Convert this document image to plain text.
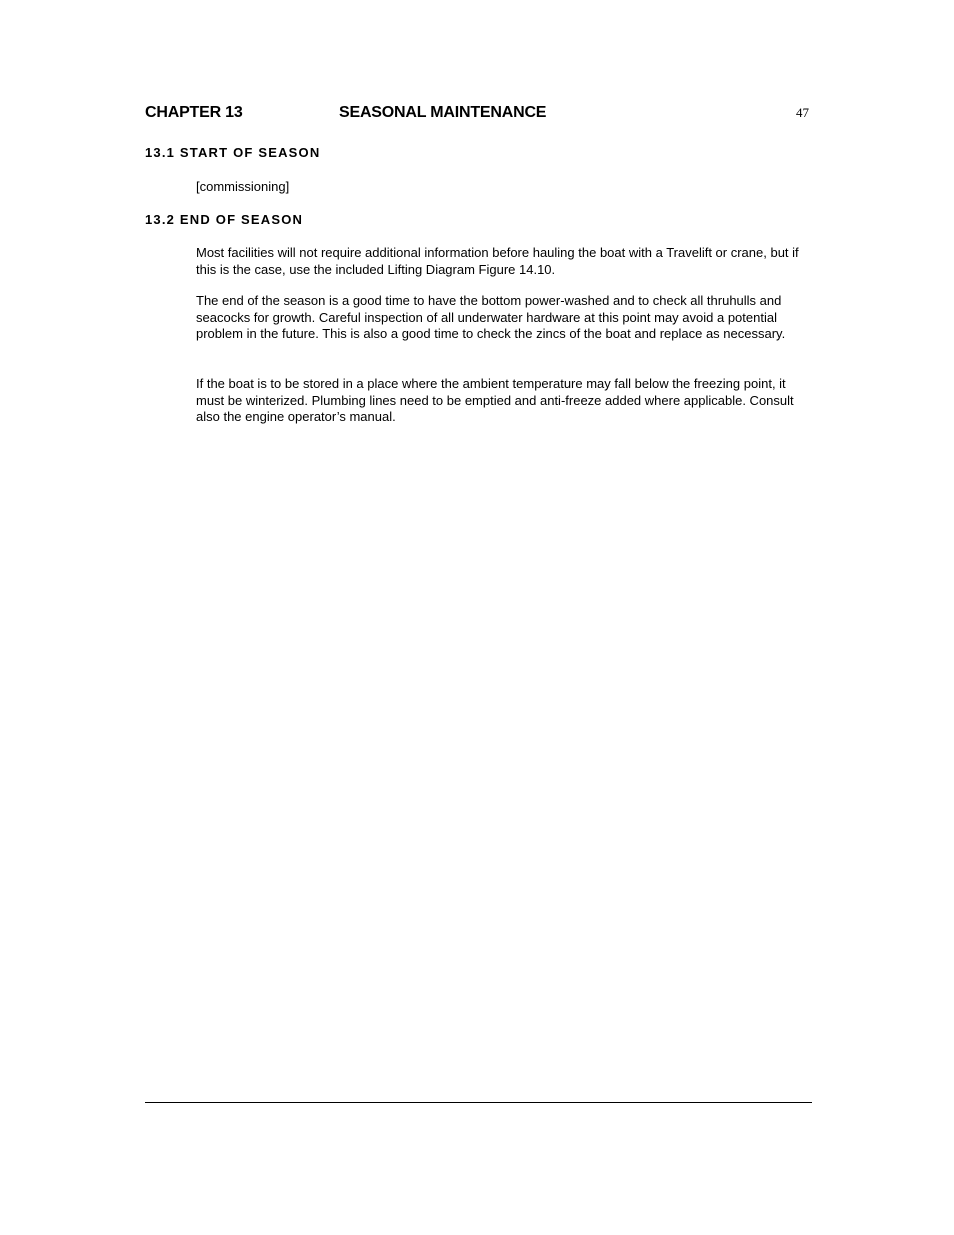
CHAPTER 13	SEASONAL MAINTENANCE	47
13.1 START OF SEASON
[commissioning]
13.2 END OF SEASON
Most facilities will not require additional information before hauling the boat with a Travelift or crane, but if this is the case, use the included Lifting Diagram Figure 14.10.
The end of the season is a good time to have the bottom power-washed and to check all thruhulls and seacocks for growth. Careful inspection of all underwater hardware at this point may avoid a potential problem in the future. This is also a good time to check the zincs of the boat and replace as necessary.
If the boat is to be stored in a place where the ambient temperature may fall below the freezing point, it must be winterized. Plumbing lines need to be emptied and anti-freeze added where applicable. Consult also the engine operator’s manual.
